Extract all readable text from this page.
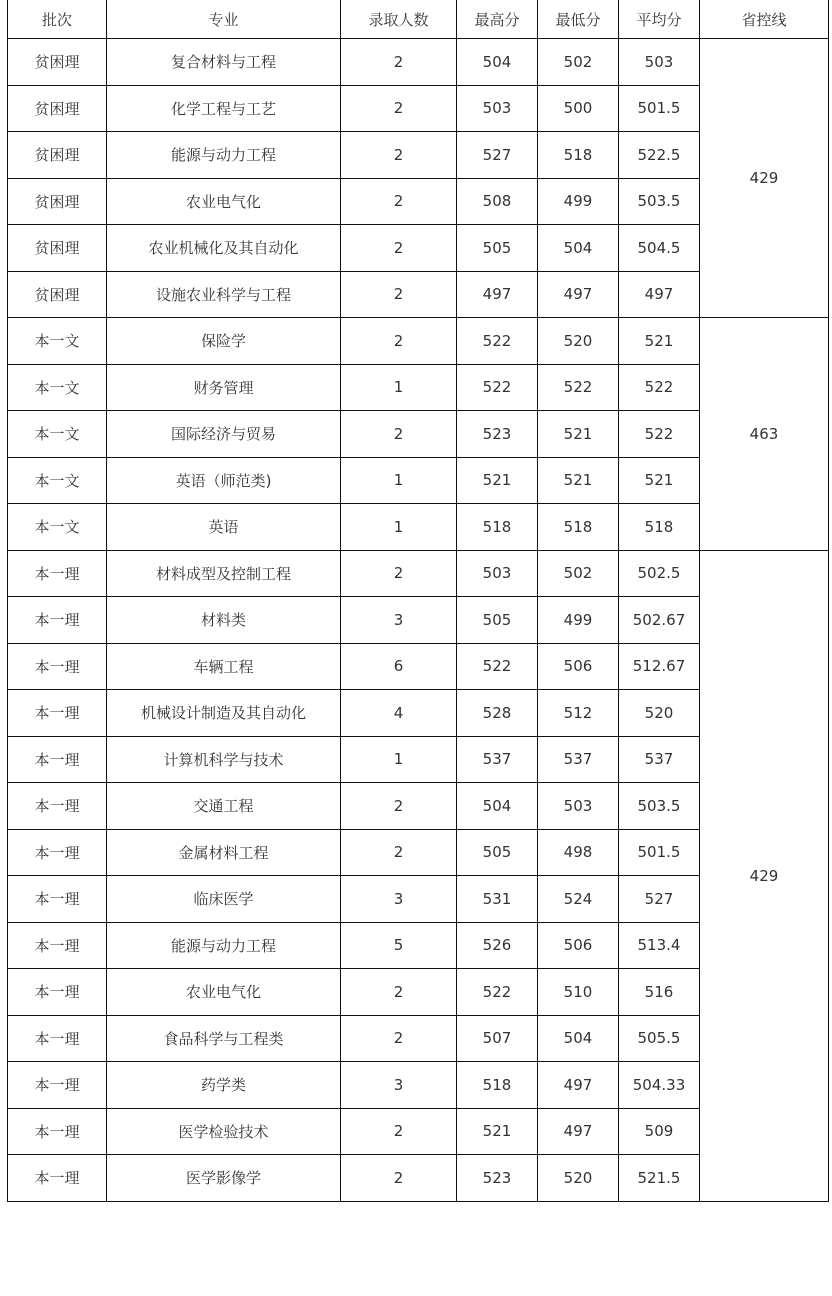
批次	专业	录取人数	最高分	最低分	平均分	省控线
贫困理	复合材料与工程	2	504	502	503	429
贫困理	化学工程与工艺	2	503	500	501.5	
贫困理	能源与动力工程	2	527	518	522.5	
贫困理	农业电气化	2	508	499	503.5	
贫困理	农业机械化及其自动化	2	505	504	504.5	
贫困理	设施农业科学与工程	2	497	497	497	
本一文	保险学	2	522	520	521	463
本一文	财务管理	1	522	522	522	
本一文	国际经济与贸易	2	523	521	522	
本一文	英语（师范类)	1	521	521	521	
本一文	英语	1	518	518	518	
本一理	材料成型及控制工程	2	503	502	502.5	429
本一理	材料类	3	505	499	502.67	
本一理	车辆工程	6	522	506	512.67	
本一理	机械设计制造及其自动化	4	528	512	520	
本一理	计算机科学与技术	1	537	537	537	
本一理	交通工程	2	504	503	503.5	
本一理	金属材料工程	2	505	498	501.5	
本一理	临床医学	3	531	524	527	
本一理	能源与动力工程	5	526	506	513.4	
本一理	农业电气化	2	522	510	516	
本一理	食品科学与工程类	2	507	504	505.5	
本一理	药学类	3	518	497	504.33	
本一理	医学检验技术	2	521	497	509	
本一理	医学影像学	2	523	520	521.5	
